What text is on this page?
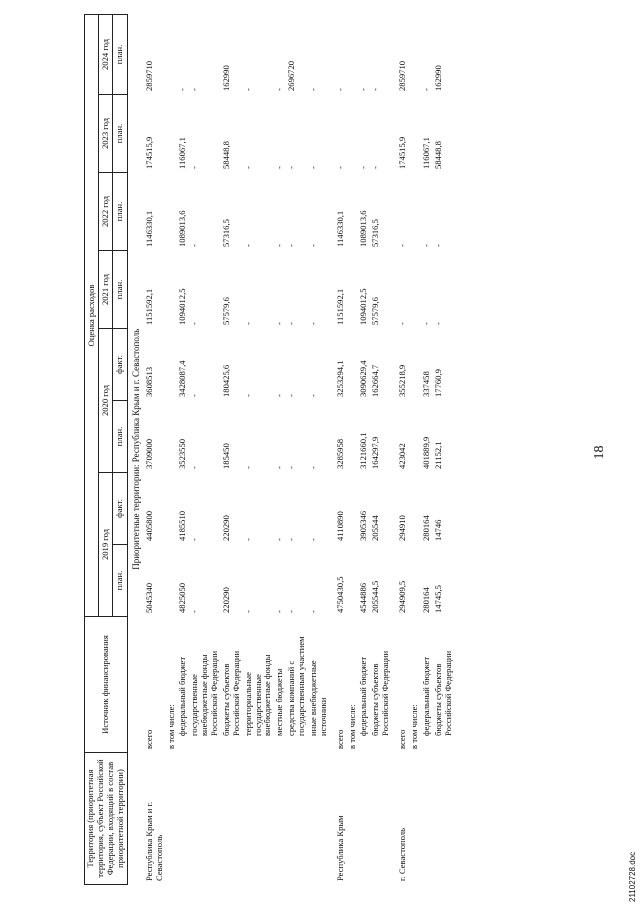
18
Территория (приоритетная территория, субъект Российской Федерации, входящий в состав приоритетной территории)	Источник финансирования	Оценка расходов							
		2019 год		2020 год		2021 год	2022 год	2023 год	2024 год
		план.	факт.	план.	факт.	план.	план.	план.	план.
Приоритетные территории: Республика Крым и г. Севастополь									
Республика Крым и г. Севастополь	всего	5045340	4405800	3709000	3608513	1151592,1	1146330,1	174515,9	2859710
	в том числе:								
	федеральный бюджет	4825050	4185510	3523550	3428087,4	1094012,5	1089013,6	116067,1	-
	государственные внебюджетные фонды Российской Федерации	-	-	-	-	-	-	-	-
	бюджеты субъектов Российской Федерации	220290	220290	185450	180425,6	57579,6	57316,5	58448,8	162990
	территориальные государственные внебюджетные фонды	-	-	-	-	-	-	-	-
	местные бюджеты	-	-	-	-	-	-	-	-
	средства компаний с государственным участием	-	-	-	-	-	-	-	2696720
	иные внебюджетные источники	-	-	-	-	-	-	-	-

Республика Крым	всего	4750430,5	4110890	3285958	3253294,1	1151592,1	1146330,1	-	-
	в том числе:								
	федеральный бюджет	4544886	3905346	3121660,1	3090629,4	1094012,5	1089013,6	-	-
	бюджеты субъектов Российской Федерации	205544,5	205544	164297,9	162664,7	57579,6	57316,5	-	-

г. Севастополь	всего	294909,5	294910	423042	355218,9	-	-	174515,9	2859710
	в том числе:								
	федеральный бюджет	280164	280164	401889,9	337458	-	-	116067,1	-
	бюджеты субъектов Российской Федерации	14745,5	14746	21152,1	17760,9	-	-	58448,8	162990
21102728.doc
